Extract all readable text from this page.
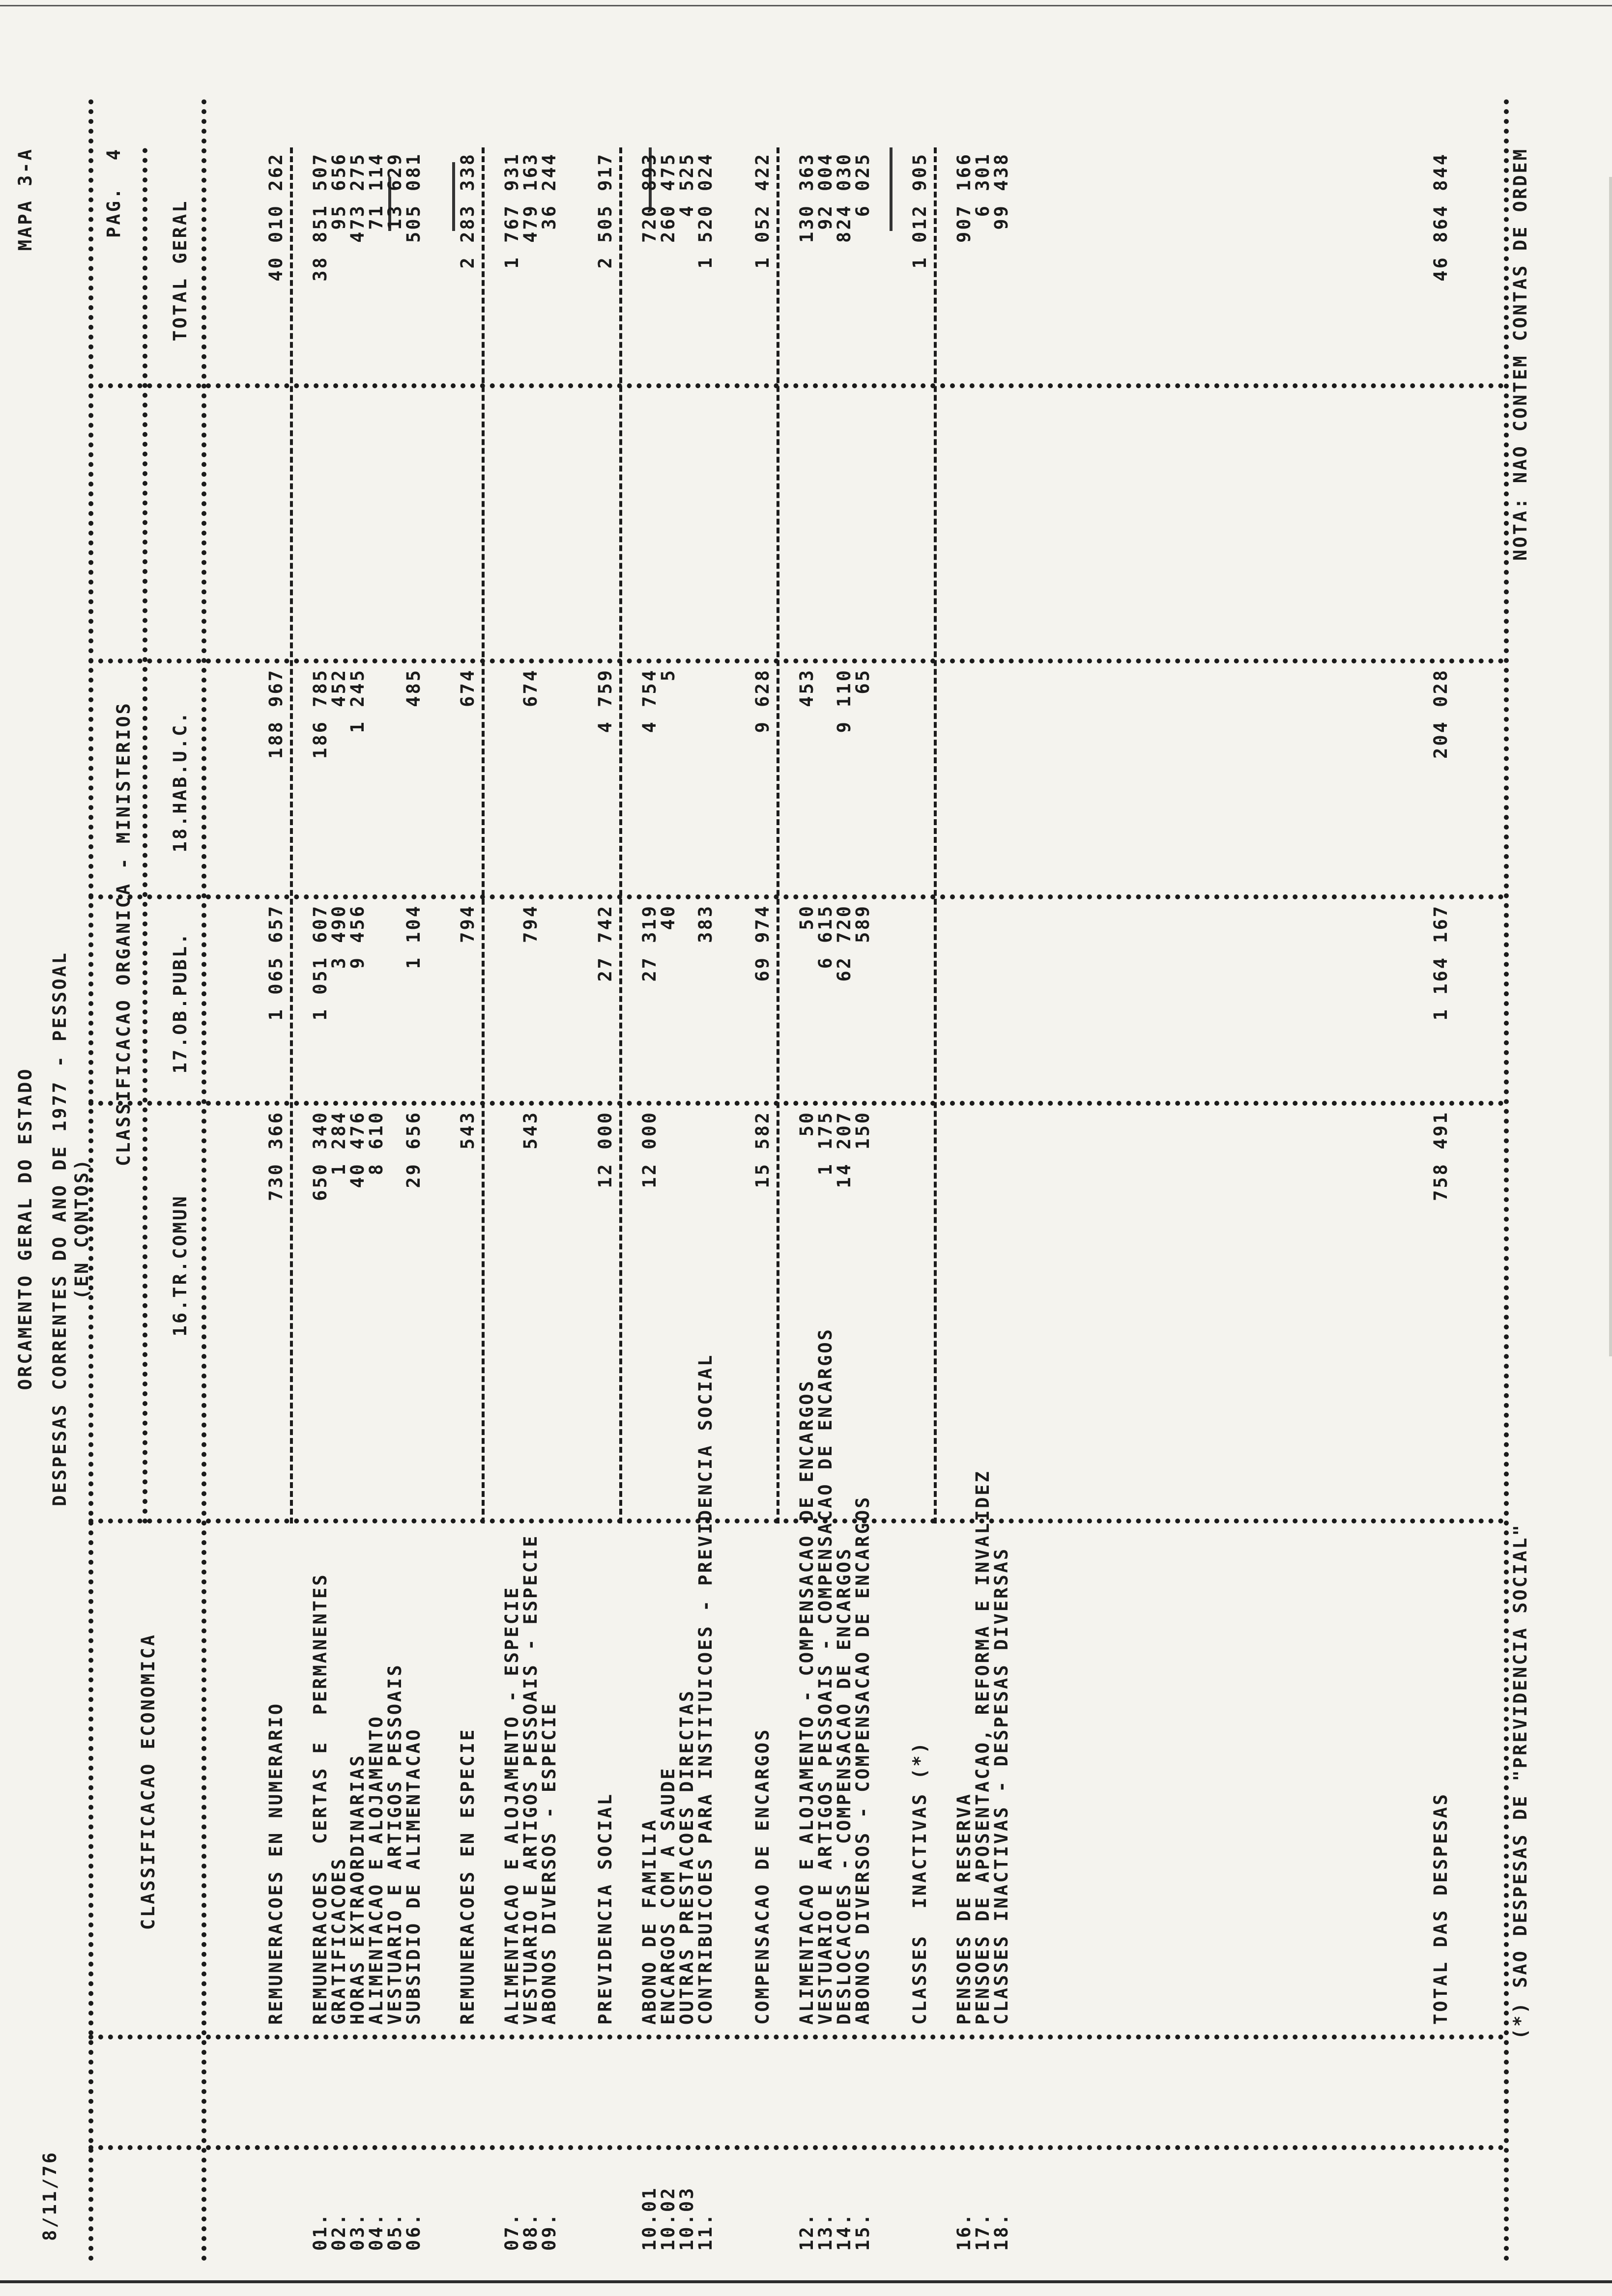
8/11/76
ORCAMENTO GERAL DO ESTADO DESPESAS CORRENTES DO ANO DE 1977 - PESSOAL (EN CONTOS)
MAPA 3-A	PAG.  4
CLASSIFICACAO ECONOMICA
CLASSIFICACAO ORGANICA - MINISTERIOS
16.TR.COMUN
17.OB.PUBL.
18.HAB.U.C.
TOTAL GERAL
REMUNERACOES EN NUMERARIO
730 366
1 065 657
188 967
40 010 262
01.
REMUNERACOES  CERTAS E  PERMANENTES
650 340
1 051 607
186 785
38 851 507
02.
GRATIFICACOES
1 284
3 490
452
95 656
03.
HORAS EXTRAORDINARIAS
40 476
9 456
1 245
473 275
04.
ALIMENTACAO E ALOJAMENTO
8 610
71 114
05.
VESTUARIO E ARTIGOS PESSOAIS
13 629
06.
SUBSIDIO DE ALIMENTACAO
29 656
1 104
485
505 081
REMUNERACOES EN ESPECIE
543
794
674
2 283 338
07.
ALIMENTACAO E ALOJAMENTO - ESPECIE
1 767 931
08.
VESTUARIO E ARTIGOS PESSOAIS - ESPECIE
543
794
674
479 163
09.
ABONOS DIVERSOS - ESPECIE
36 244
PREVIDENCIA SOCIAL
12 000
27 742
4 759
2 505 917
10.01
ABONO DE FAMILIA
12 000
27 319
4 754
720 893
10.02
ENCARGOS COM A SAUDE
40
5
260 475
10.03
OUTRAS PRESTACOES DIRECTAS
4 525
11.
CONTRIBUICOES PARA INSTITUICOES - PREVIDENCIA SOCIAL
383
1 520 024
COMPENSACAO DE ENCARGOS
15 582
69 974
9 628
1 052 422
12.
ALIMENTACAO E ALOJAMENTO - COMPENSACAO DE ENCARGOS
50
50
453
130 363
13.
VESTUARIO E ARTIGOS PESSOAIS - COMPENSACAO DE ENCARGOS
1 175
6 615
92 004
14.
DESLOCACOES - COMPENSACAO DE ENCARGOS
14 207
62 720
9 110
824 030
15.
ABONOS DIVERSOS - COMPENSACAO DE ENCARGOS
150
589
65
6 025
CLASSES  INACTIVAS (*)
1 012 905
16.
PENSOES DE RESERVA
907 166
17.
PENSOES DE APOSENTACAO, REFORMA E INVALIDEZ
6 301
18.
CLASSES INACTIVAS - DESPESAS DIVERSAS
99 438
TOTAL DAS DESPESAS
758 491
1 164 167
204 028
46 864 844
(*) SAO DESPESAS DE "PREVIDENCIA SOCIAL"
NOTA: NAO CONTEM CONTAS DE ORDEM
